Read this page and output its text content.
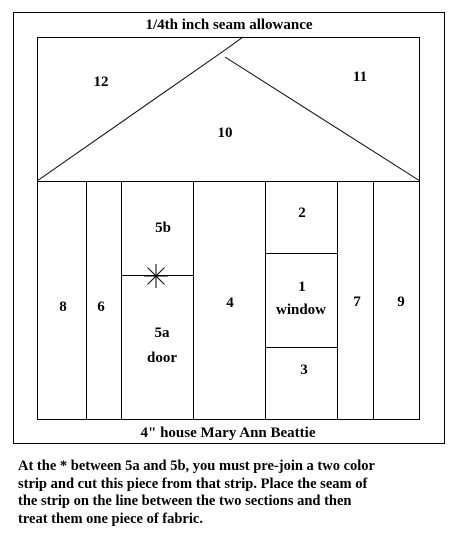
1/4th inch seam allowance
4" house Mary Ann Beattie
12	11
10
8 6
5b
5a
door
4
2
1
window
3
7 9

At the * between 5a and 5b, you must pre-join a two color
strip and cut this piece from that strip. Place the seam of
the strip on the line between the two sections and then
treat them one piece of fabric.
